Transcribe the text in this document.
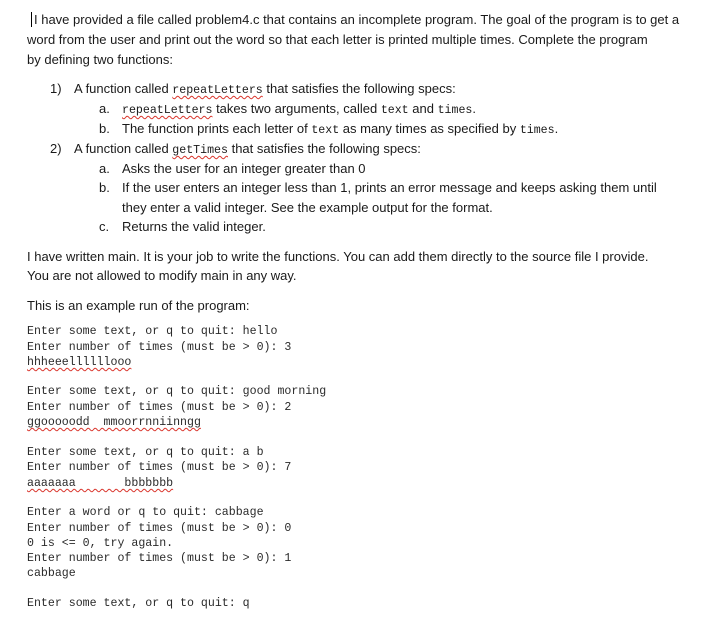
I have provided a file called problem4.c that contains an incomplete program. The goal of the program is to get a
word from the user and print out the word so that each letter is printed multiple times. Complete the program
by defining two functions:
1) A function called repeatLetters that satisfies the following specs:
a. repeatLetters takes two arguments, called text and times.
b. The function prints each letter of text as many times as specified by times.
2) A function called getTimes that satisfies the following specs:
a. Asks the user for an integer greater than 0
b. If the user enters an integer less than 1, prints an error message and keeps asking them until
they enter a valid integer. See the example output for the format.
c. Returns the valid integer.
I have written main. It is your job to write the functions. You can add them directly to the source file I provide.
You are not allowed to modify main in any way.
This is an example run of the program:
Enter some text, or q to quit: hello
Enter number of times (must be > 0): 3
hhheeellllllooo
Enter some text, or q to quit: good morning
Enter number of times (must be > 0): 2
ggooooodd  mmoorrnniinngg
Enter some text, or q to quit: a b
Enter number of times (must be > 0): 7
aaaaaaa       bbbbbbb
Enter a word or q to quit: cabbage
Enter number of times (must be > 0): 0
0 is <= 0, try again.
Enter number of times (must be > 0): 1
cabbage
Enter some text, or q to quit: q
